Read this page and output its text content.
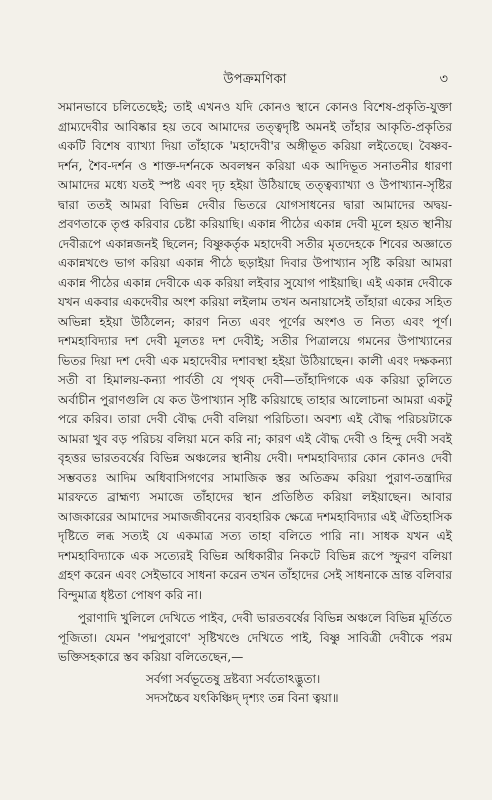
উপক্রমণিকা	৩

সমানভাবে চলিতেছেই; তাই এখনও যদি কোনও স্থানে কোনও বিশেষ-প্রকৃতি-যুক্তা গ্রাম্যদেবীর আবিষ্কার হয় তবে আমাদের তত্ত্বদৃষ্টি অমনই তাঁহার আকৃতি-প্রকৃতির একটি বিশেষ ব্যাখ্যা দিয়া তাঁহাকে 'মহাদেবী'র অঙ্গীভূত করিয়া লইতেছে। বৈষ্ণব-দর্শন, শৈব-দর্শন ও শাক্ত-দর্শনকে অবলম্বন করিয়া এক আদিভূত সনাতনীর ধারণা আমাদের মধ্যে যতই স্পষ্ট এবং দৃঢ় হইয়া উঠিয়াছে তত্ত্বব্যাখ্যা ও উপাখ্যান-সৃষ্টির দ্বারা ততই আমরা বিভিন্ন দেবীর ভিতরে যোগসাধনের দ্বারা আমাদের অদ্বয়-প্রবণতাকে তৃপ্ত করিবার চেষ্টা করিয়াছি। একান্ন পীঠের একান্ন দেবী মূলে হয়ত স্থানীয় দেবীরূপে একান্নজনই ছিলেন; বিষ্ণুকর্তৃক মহাদেবী সতীর মৃতদেহকে শিবের অজ্ঞাতে একান্নখণ্ডে ভাগ করিয়া একান্ন পীঠে ছড়াইয়া দিবার উপাখ্যান সৃষ্টি করিয়া আমরা একান্ন পীঠের একান্ন দেবীকে এক করিয়া লইবার সুযোগ পাইয়াছি। এই একান্ন দেবীকে যখন একবার একদেবীর অংশ করিয়া লইলাম তখন অনায়াসেই তাঁহারা একের সহিত অভিন্না হইয়া উঠিলেন; কারণ নিত্য এবং পূর্ণের অংশও ত নিত্য এবং পূর্ণ। দশমহাবিদ্যার দশ দেবী মূলতঃ দশ দেবীই; সতীর পিত্রালয়ে গমনের উপাখ্যানের ভিতর দিয়া দশ দেবী এক মহাদেবীর দশাবস্থা হইয়া উঠিয়াছেন। কালী এবং দক্ষকন্যা সতী বা হিমালয়-কন্যা পার্বতী যে পৃথক্ দেবী—তাঁহাদিগকে এক করিয়া তুলিতে অর্বাচীন পুরাণগুলি যে কত উপাখ্যান সৃষ্টি করিয়াছে তাহার আলোচনা আমরা একটু পরে করিব। তারা দেবী বৌদ্ধ দেবী বলিয়া পরিচিতা। অবশ্য এই বৌদ্ধ পরিচয়টাকে আমরা খুব বড় পরিচয় বলিয়া মনে করি না; কারণ এই বৌদ্ধ দেবী ও হিন্দু দেবী সবই বৃহত্তর ভারতবর্ষের বিভিন্ন অঞ্চলের স্থানীয় দেবী। দশমহাবিদ্যার কোন কোনও দেবী সম্ভবতঃ আদিম অধিবাসিগণের সামাজিক স্তর অতিক্রম করিয়া পুরাণ-তন্ত্রাদির মারফতে ব্রাহ্মণ্য সমাজে তাঁহাদের স্থান প্রতিষ্ঠিত করিয়া লইয়াছেন। আবার আজকারের আমাদের সমাজজীবনের ব্যবহারিক ক্ষেত্রে দশমহাবিদ্যার এই ঐতিহাসিক দৃষ্টিতে লব্ধ সত্যই যে একমাত্র সত্য তাহা বলিতে পারি না। সাধক যখন এই দশমহাবিদ্যাকে এক সত্যেরই বিভিন্ন অধিকারীর নিকটে বিভিন্ন রূপে স্ফুরণ বলিয়া গ্রহণ করেন এবং সেইভাবে সাধনা করেন তখন তাঁহাদের সেই সাধনাকে ভ্রান্ত বলিবার বিন্দুমাত্র ধৃষ্টতা পোষণ করি না।

পুরাণাদি খুলিলে দেখিতে পাইব, দেবী ভারতবর্ষের বিভিন্ন অঞ্চলে বিভিন্ন মূর্তিতে পূজিতা। যেমন 'পদ্মপুরাণে' সৃষ্টিখণ্ডে দেখিতে পাই, বিষ্ণু সাবিত্রী দেবীকে পরম ভক্তিসহকারে স্তব করিয়া বলিতেছেন,—

সর্বগা সর্বভূতেষু দ্রষ্টব্যা সর্বতোঽদ্ভুতা।
সদসচ্চৈব যৎকিঞ্চিদ্ দৃশ্যং তন্ন বিনা ত্বয়া॥
